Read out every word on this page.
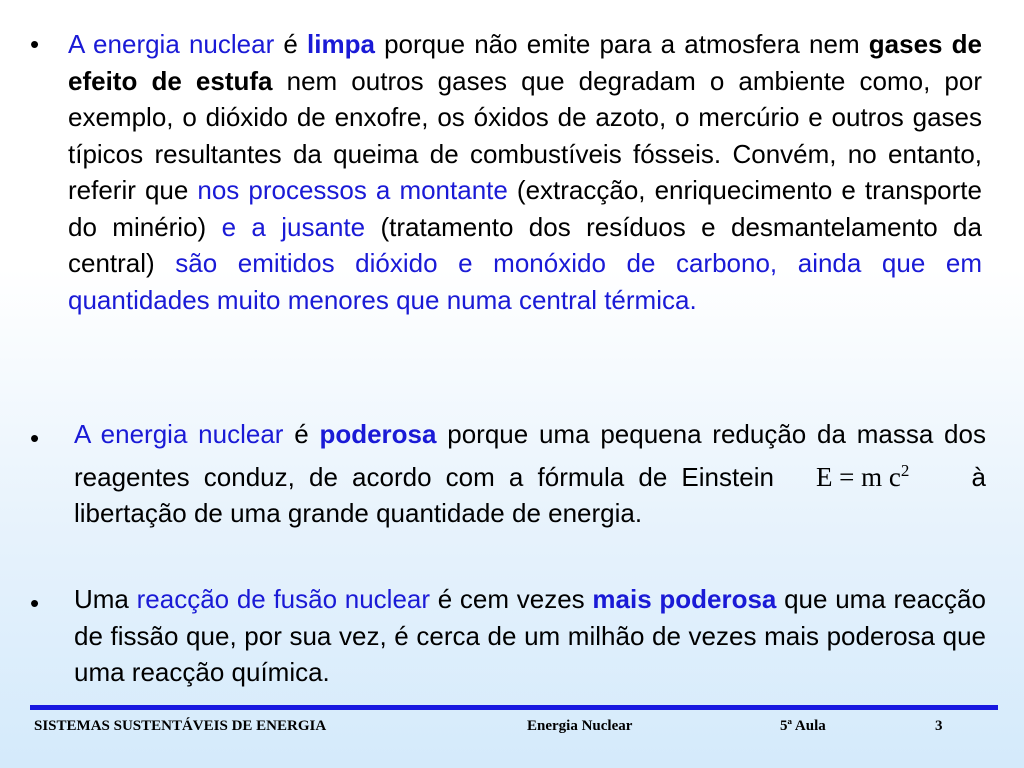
• A energia nuclear é limpa porque não emite para a atmosfera nem gases de efeito de estufa nem outros gases que degradam o ambiente como, por exemplo, o dióxido de enxofre, os óxidos de azoto, o mercúrio e outros gases típicos resultantes da queima de combustíveis fósseis. Convém, no entanto, referir que nos processos a montante (extracção, enriquecimento e transporte do minério) e a jusante (tratamento dos resíduos e desmantelamento da central) são emitidos dióxido e monóxido de carbono, ainda que em quantidades muito menores que numa central térmica.
• A energia nuclear é poderosa porque uma pequena redução da massa dos reagentes conduz, de acordo com a fórmula de Einstein E = m $c^2$ à libertação de uma grande quantidade de energia.
• Uma reacção de fusão nuclear é cem vezes mais poderosa que uma reacção de fissão que, por sua vez, é cerca de um milhão de vezes mais poderosa que uma reacção química.
SISTEMAS SUSTENTÁVEIS DE ENERGIA	Energia Nuclear	5ª Aula	3
